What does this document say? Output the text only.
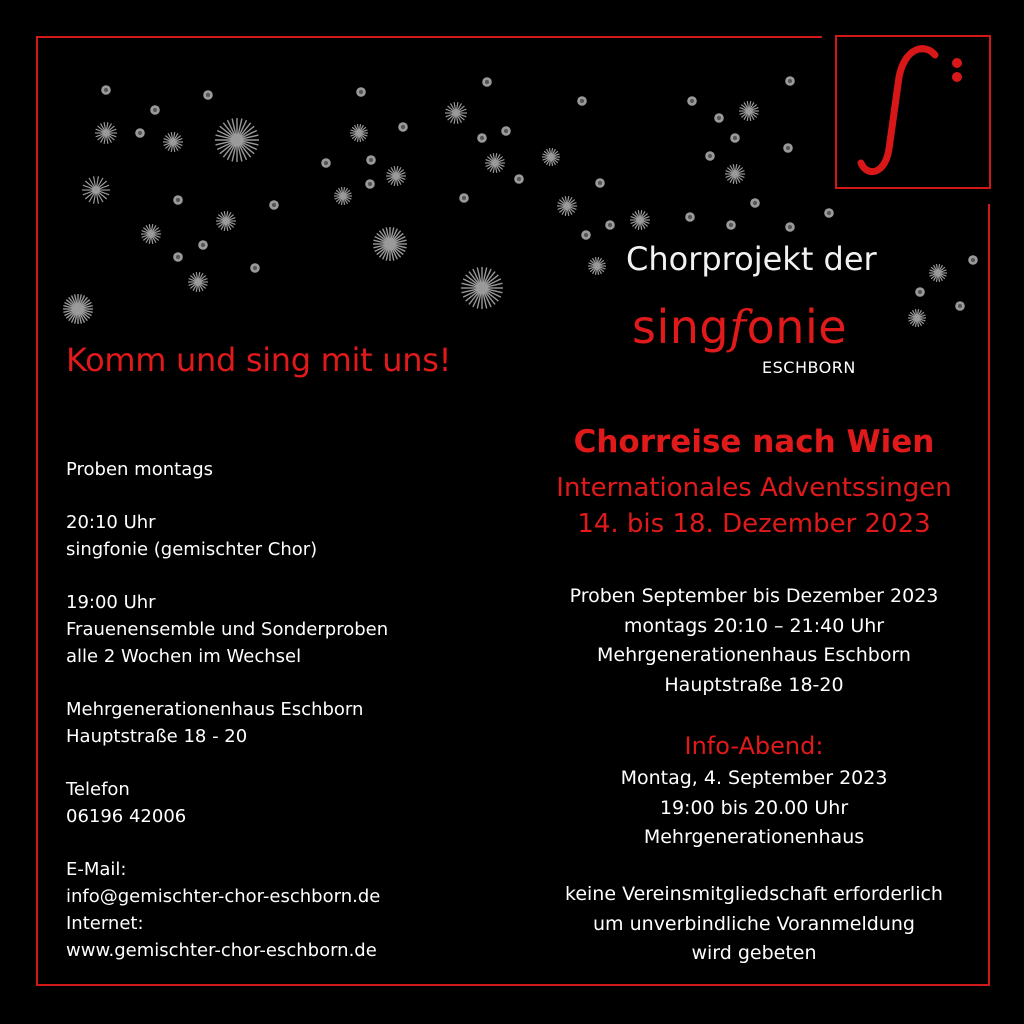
Komm und sing mit uns!
Proben montags
20:10 Uhr
singfonie (gemischter Chor)
19:00 Uhr
Frauenensemble und Sonderproben
alle 2 Wochen im Wechsel
Mehrgenerationenhaus Eschborn
Hauptstraße 18 - 20
Telefon
06196 42006
E-Mail:
info@gemischter-chor-eschborn.de
Internet:
www.gemischter-chor-eschborn.de
Chorprojekt der
singfonie
ESCHBORN
Chorreise nach Wien
Internationales Adventssingen
14. bis 18. Dezember 2023
Proben September bis Dezember 2023
montags 20:10 – 21:40 Uhr
Mehrgenerationenhaus Eschborn
Hauptstraße 18-20
Info-Abend:
Montag, 4. September 2023
19:00 bis 20.00 Uhr
Mehrgenerationenhaus
keine Vereinsmitgliedschaft erforderlich
um unverbindliche Voranmeldung
wird gebeten
